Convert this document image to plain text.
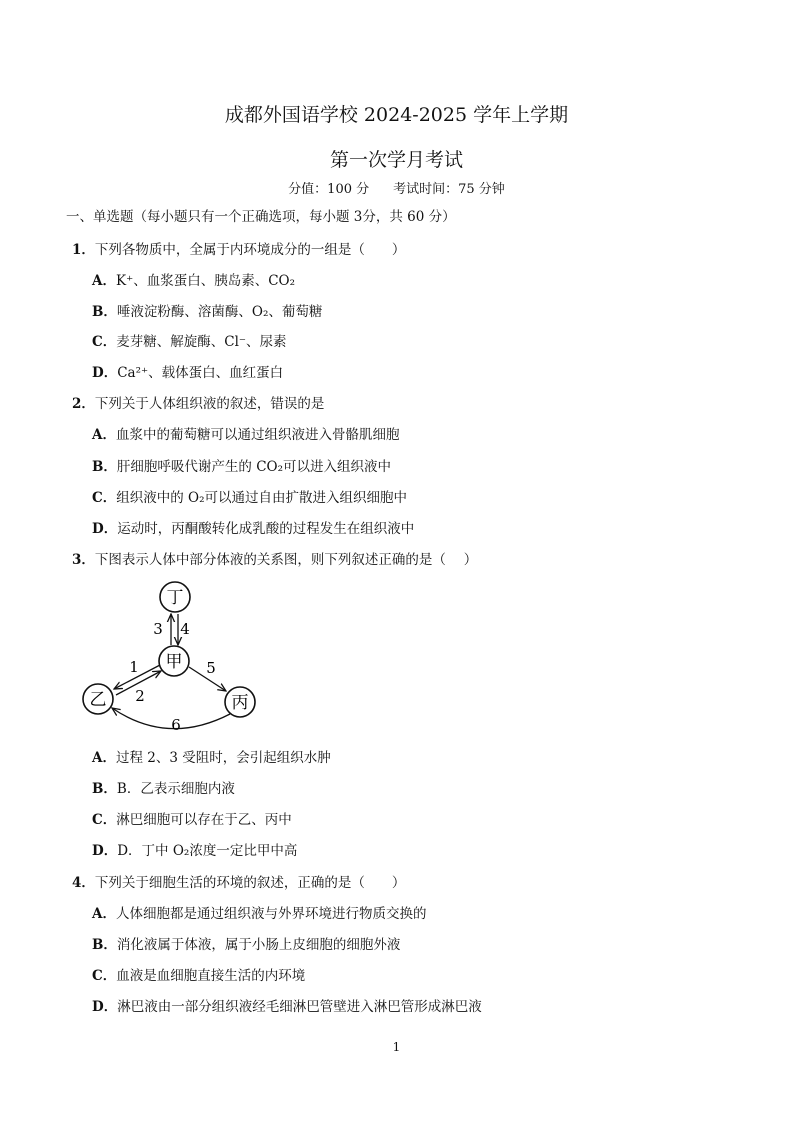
成都外国语学校 2024-2025 学年上学期
第一次学月考试
分值：100 分 考试时间：75 分钟
一、单选题（每小题只有一个正确选项，每小题 3分，共 60 分）
1．下列各物质中，全属于内环境成分的一组是（　　）
A．K⁺、血浆蛋白、胰岛素、CO₂
B．唾液淀粉酶、溶菌酶、O₂、葡萄糖
C．麦芽糖、解旋酶、Cl⁻、尿素
D．Ca²⁺、载体蛋白、血红蛋白
2．下列关于人体组织液的叙述，错误的是
A．血浆中的葡萄糖可以通过组织液进入骨骼肌细胞
B．肝细胞呼吸代谢产生的 CO₂可以进入组织液中
C．组织液中的 O₂可以通过自由扩散进入组织细胞中
D．运动时，丙酮酸转化成乳酸的过程发生在组织液中
3．下图表示人体中部分体液的关系图，则下列叙述正确的是（　 ）
丁
甲
乙	丙
3 4
1
2
5
6
A．过程 2、3 受阻时，会引起组织水肿
B．B．乙表示细胞内液
C．淋巴细胞可以存在于乙、丙中
D．D．丁中 O₂浓度一定比甲中高
4．下列关于细胞生活的环境的叙述，正确的是（　　）
A．人体细胞都是通过组织液与外界环境进行物质交换的
B．消化液属于体液，属于小肠上皮细胞的细胞外液
C．血液是血细胞直接生活的内环境
D．淋巴液由一部分组织液经毛细淋巴管壁进入淋巴管形成淋巴液
1
